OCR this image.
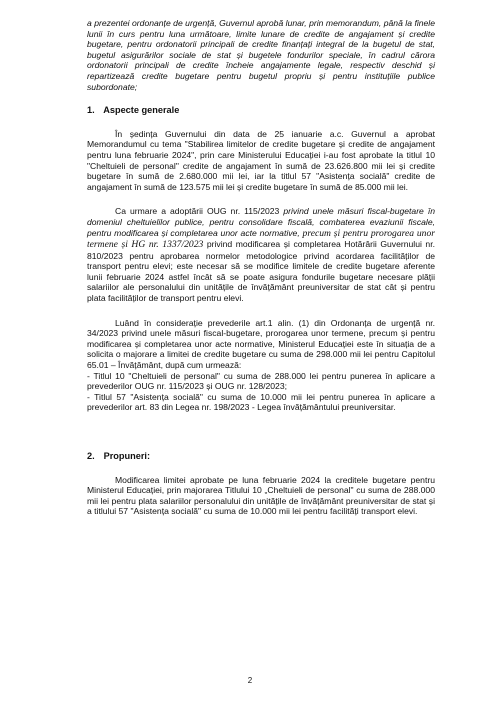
a prezentei ordonanțe de urgență, Guvernul aprobă lunar, prin memorandum, până la finele lunii în curs pentru luna următoare, limite lunare de credite de angajament și credite bugetare, pentru ordonatorii principali de credite finanțați integral de la bugetul de stat, bugetul asigurărilor sociale de stat și bugetele fondurilor speciale, în cadrul cărora ordonatorii principali de credite încheie angajamente legale, respectiv deschid și repartizează credite bugetare pentru bugetul propriu și pentru instituțiile publice subordonate;

1. Aspecte generale

În ședința Guvernului din data de 25 ianuarie a.c. Guvernul a aprobat Memorandumul cu tema "Stabilirea limitelor de credite bugetare și credite de angajament pentru luna februarie 2024", prin care Ministerului Educației i-au fost aprobate la titlul 10 "Cheltuieli de personal" credite de angajament în sumă de 23.626.800 mii lei și credite bugetare în sumă de 2.680.000 mii lei, iar la titlul 57 "Asistența socială" credite de angajament în sumă de 123.575 mii lei și credite bugetare în sumă de 85.000 mii lei.

Ca urmare a adoptării OUG nr. 115/2023 privind unele măsuri fiscal-bugetare în domeniul cheltuielilor publice, pentru consolidare fiscală, combaterea evaziunii fiscale, pentru modificarea și completarea unor acte normative, precum și pentru prorogarea unor termene și HG nr. 1337/2023 privind modificarea și completarea Hotărârii Guvernului nr. 810/2023 pentru aprobarea normelor metodologice privind acordarea facilităților de transport pentru elevi; este necesar să se modifice limitele de credite bugetare aferente lunii februarie 2024 astfel încât să se poate asigura fondurile bugetare necesare plății salariilor ale personalului din unitățile de învățământ preuniversitar de stat cât și pentru plata facilităților de transport pentru elevi.

Luând în considerație prevederile art.1 alin. (1) din Ordonanța de urgență nr. 34/2023 privind unele măsuri fiscal-bugetare, prorogarea unor termene, precum și pentru modificarea și completarea unor acte normative, Ministerul Educației este în situația de a solicita o majorare a limitei de credite bugetare cu suma de 298.000 mii lei pentru Capitolul 65.01 – Învățământ, după cum urmează:

- Titlul 10 "Cheltuieli de personal" cu suma de 288.000 lei pentru punerea în aplicare a prevederilor OUG nr. 115/2023 și OUG nr. 128/2023;

- Titlul 57 "Asistența socială" cu suma de 10.000 mii lei pentru punerea în aplicare a prevederilor art. 83 din Legea nr. 198/2023 - Legea învățământului preuniversitar.

2. Propuneri:

Modificarea limitei aprobate pe luna februarie 2024 la creditele bugetare pentru Ministerul Educației, prin majorarea Titlului 10 „Cheltuieli de personal" cu suma de 288.000 mii lei pentru plata salariilor personalului din unitățile de învățământ preuniversitar de stat și a titlului 57 "Asistența socială" cu suma de 10.000 mii lei pentru facilități transport elevi.

2
